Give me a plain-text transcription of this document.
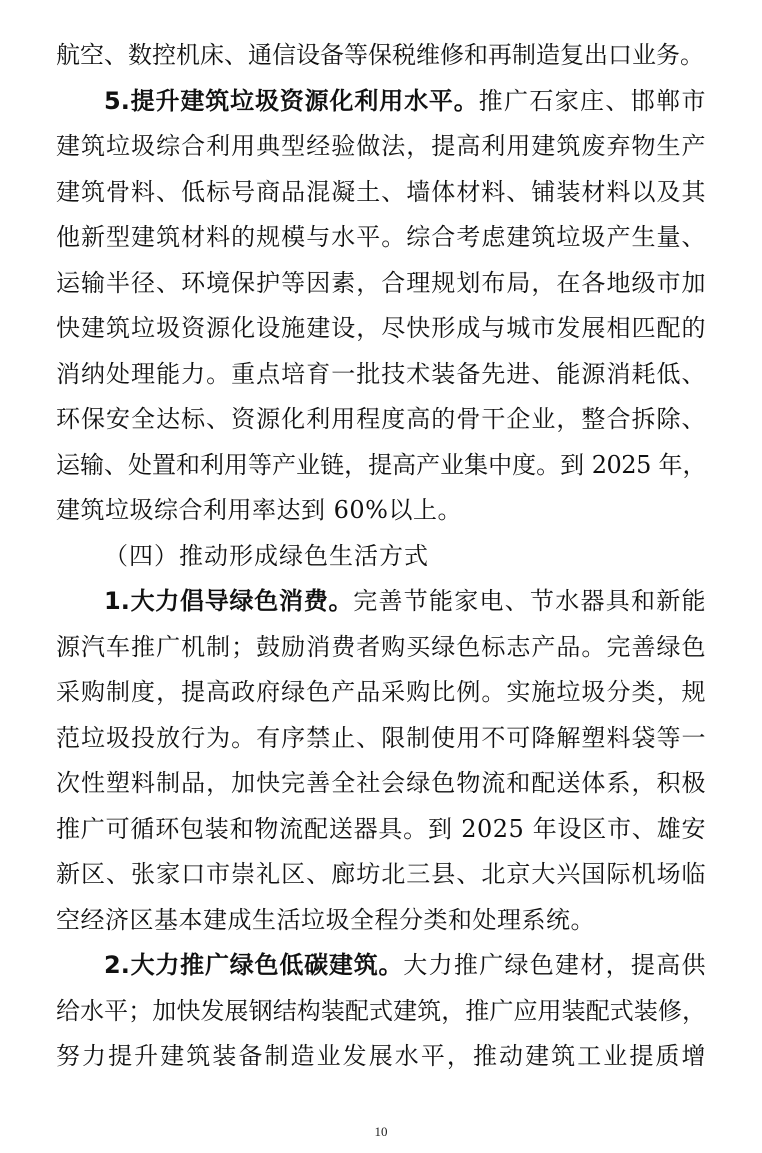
航空、数控机床、通信设备等保税维修和再制造复出口业务。
5.提升建筑垃圾资源化利用水平。推广石家庄、邯郸市
建筑垃圾综合利用典型经验做法，提高利用建筑废弃物生产
建筑骨料、低标号商品混凝土、墙体材料、铺装材料以及其
他新型建筑材料的规模与水平。综合考虑建筑垃圾产生量、
运输半径、环境保护等因素，合理规划布局，在各地级市加
快建筑垃圾资源化设施建设，尽快形成与城市发展相匹配的
消纳处理能力。重点培育一批技术装备先进、能源消耗低、
环保安全达标、资源化利用程度高的骨干企业，整合拆除、
运输、处置和利用等产业链，提高产业集中度。到 2025 年，
建筑垃圾综合利用率达到 60%以上。
（四）推动形成绿色生活方式
1.大力倡导绿色消费。完善节能家电、节水器具和新能
源汽车推广机制；鼓励消费者购买绿色标志产品。完善绿色
采购制度，提高政府绿色产品采购比例。实施垃圾分类，规
范垃圾投放行为。有序禁止、限制使用不可降解塑料袋等一
次性塑料制品，加快完善全社会绿色物流和配送体系，积极
推广可循环包装和物流配送器具。到 2025 年设区市、雄安
新区、张家口市崇礼区、廊坊北三县、北京大兴国际机场临
空经济区基本建成生活垃圾全程分类和处理系统。
2.大力推广绿色低碳建筑。大力推广绿色建材，提高供
给水平；加快发展钢结构装配式建筑，推广应用装配式装修，
努力提升建筑装备制造业发展水平，推动建筑工业提质增
10
